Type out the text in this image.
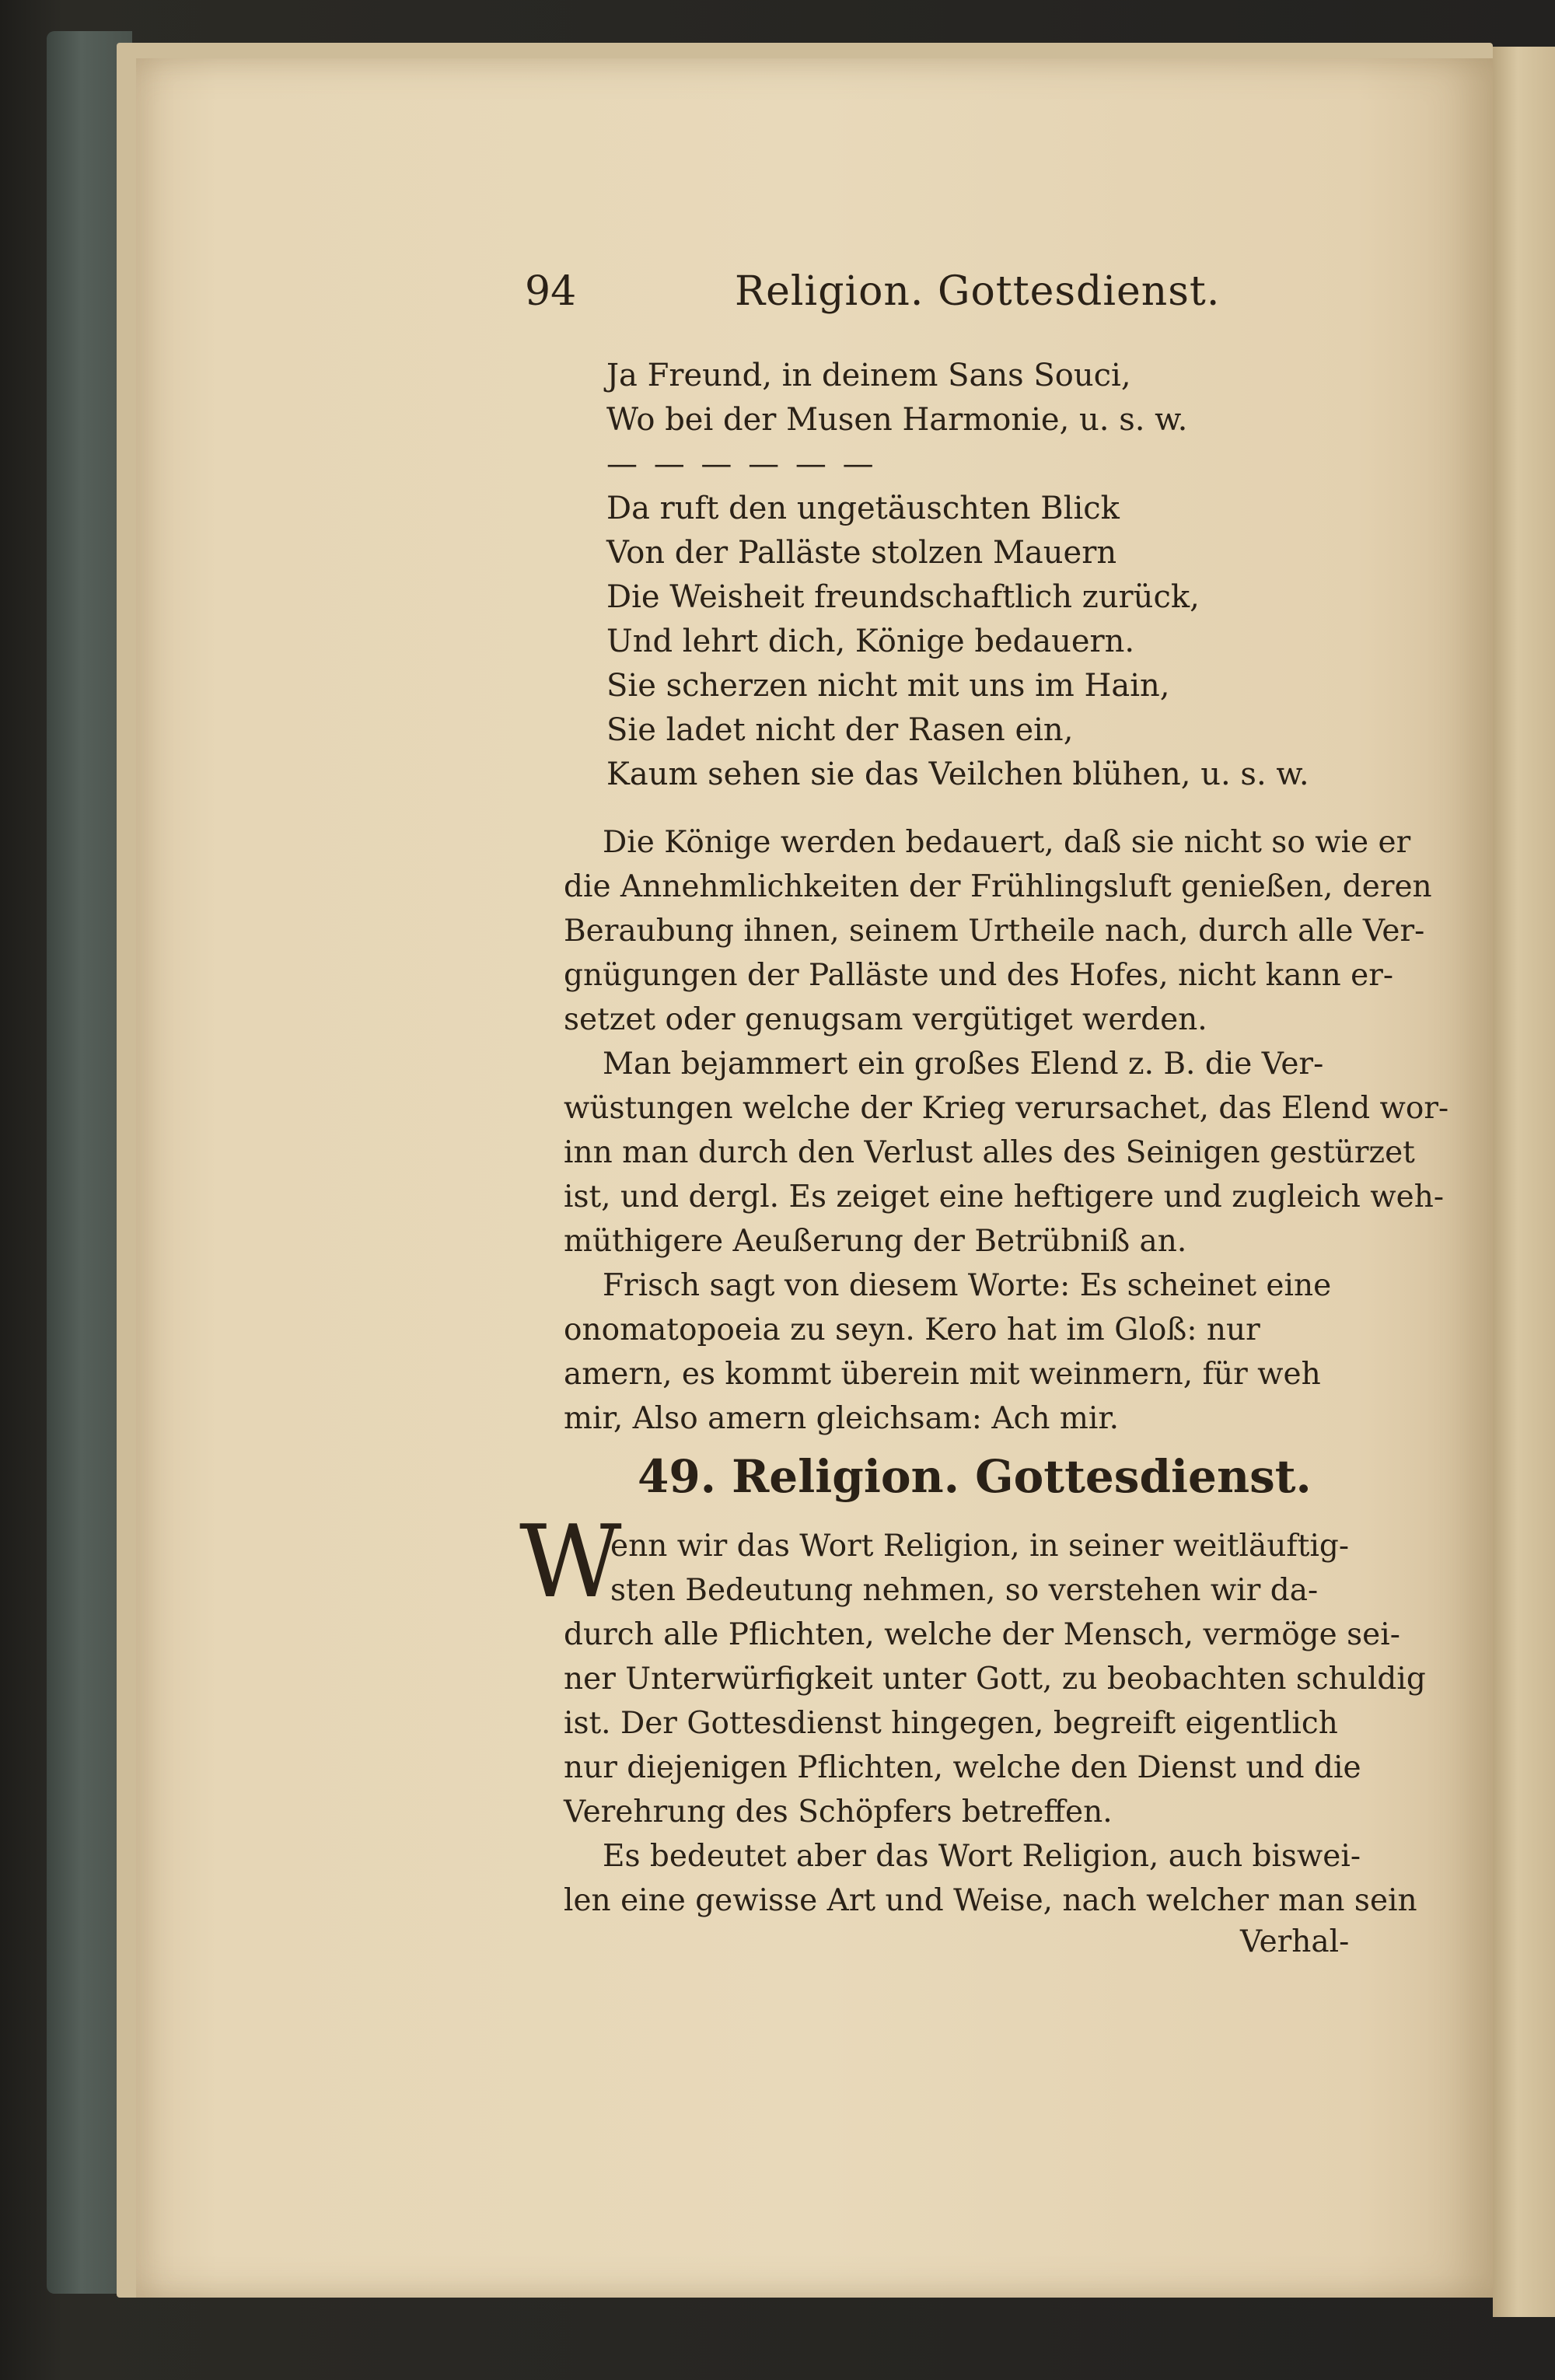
94	Religion. Gottesdienst.
Ja Freund, in deinem Sans Souci,
Wo bei der Musen Harmonie, u. s. w.
— — — — — —
Da ruft den ungetäuschten Blick
Von der Palläste stolzen Mauern
Die Weisheit freundschaftlich zurück,
Und lehrt dich, Könige bedauern.
Sie scherzen nicht mit uns im Hain,
Sie ladet nicht der Rasen ein,
Kaum sehen sie das Veilchen blühen, u. s. w.
Die Könige werden bedauert, daß sie nicht so wie er
die Annehmlichkeiten der Frühlingsluft genießen, deren
Beraubung ihnen, seinem Urtheile nach, durch alle Ver-
gnügungen der Palläste und des Hofes, nicht kann er-
setzet oder genugsam vergütiget werden.
Man bejammert ein großes Elend z. B. die Ver-
wüstungen welche der Krieg verursachet, das Elend wor-
inn man durch den Verlust alles des Seinigen gestürzet
ist, und dergl. Es zeiget eine heftigere und zugleich weh-
müthigere Aeußerung der Betrübniß an.
Frisch sagt von diesem Worte: Es scheinet eine
onomatopoeia zu seyn. Kero hat im Gloß: nur
amern, es kommt überein mit weinmern, für weh
mir, Also amern gleichsam: Ach mir.
49. Religion. Gottesdienst.
W
enn wir das Wort Religion, in seiner weitläuftig-
sten Bedeutung nehmen, so verstehen wir da-
durch alle Pflichten, welche der Mensch, vermöge sei-
ner Unterwürfigkeit unter Gott, zu beobachten schuldig
ist. Der Gottesdienst hingegen, begreift eigentlich
nur diejenigen Pflichten, welche den Dienst und die
Verehrung des Schöpfers betreffen.
Es bedeutet aber das Wort Religion, auch biswei-
len eine gewisse Art und Weise, nach welcher man sein
Verhal-
